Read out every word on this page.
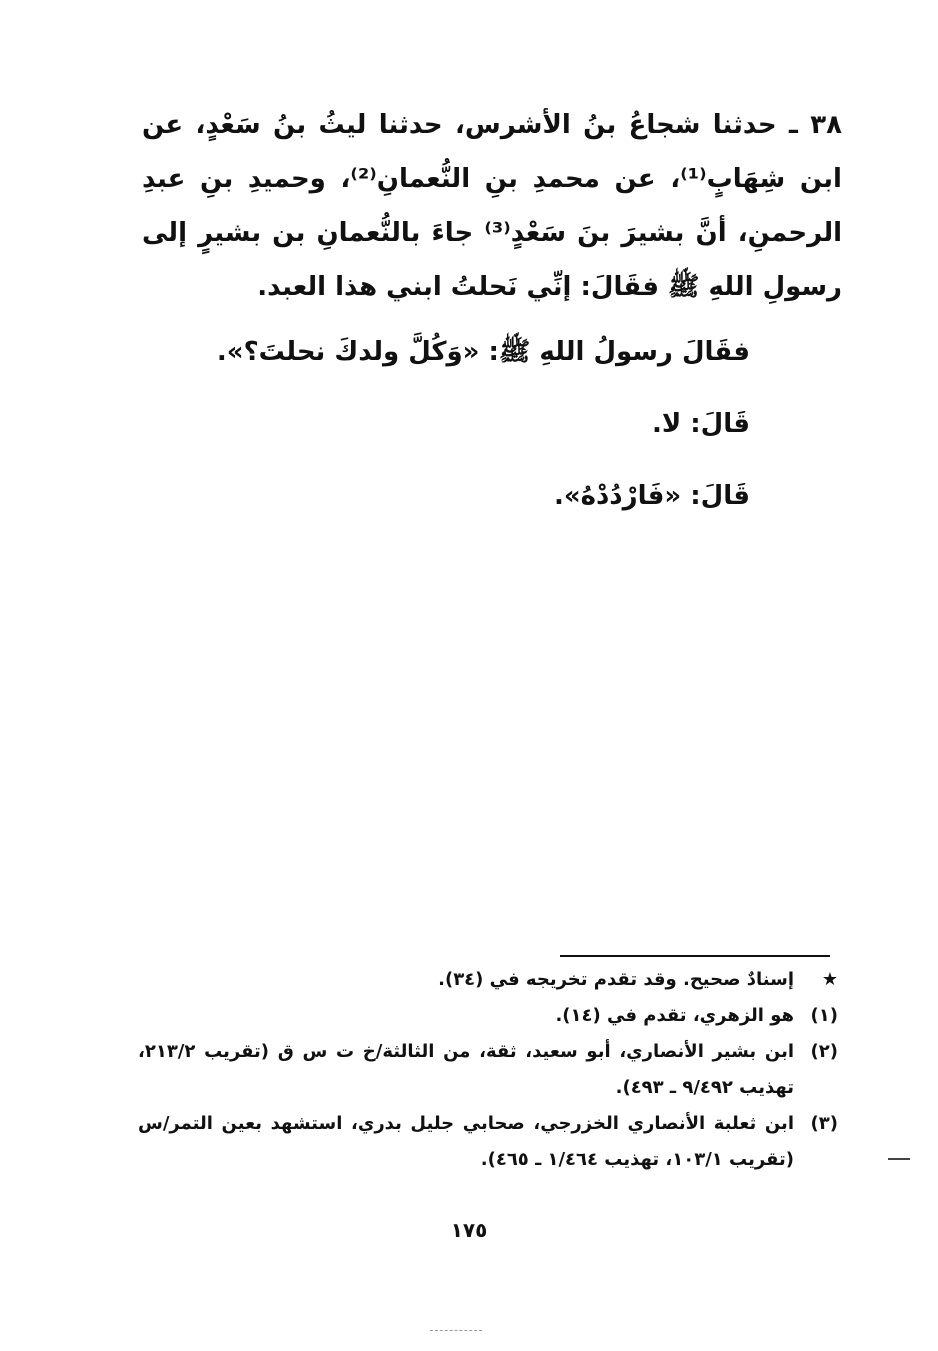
٣٨ ـ حدثنا شجاعُ بنُ الأشرس، حدثنا ليثُ بنُ سَعْدٍ، عن ابن شِهَابٍ⁽¹⁾، عن محمدِ بنِ النُّعمانِ⁽²⁾، وحميدِ بنِ عبدِ الرحمنِ، أنَّ بشيرَ بنَ سَعْدٍ⁽³⁾ جاءَ بالنُّعمانِ بن بشيرٍ إلى رسولِ اللهِ ﷺ فقَالَ: إنِّي نَحلتُ ابني هذا العبد.

فقَالَ رسولُ اللهِ ﷺ: «وَكُلَّ ولدكَ نحلتَ؟».

قَالَ: لا.

قَالَ: «فَارْدُدْهُ».

★
إسنادٌ صحيح. وقد تقدم تخريجه في (٣٤).
(١)
هو الزهري، تقدم في (١٤).
(٢)
ابن بشير الأنصاري، أبو سعيد، ثقة، من الثالثة/خ ت س ق (تقريب ٢١٣/٢، تهذيب ٩/٤٩٢ ـ ٤٩٣).
(٣)
ابن ثعلبة الأنصاري الخزرجي، صحابي جليل بدري، استشهد بعين التمر/س (تقريب ١٠٣/١، تهذيب ١/٤٦٤ ـ ٤٦٥).
١٧٥
